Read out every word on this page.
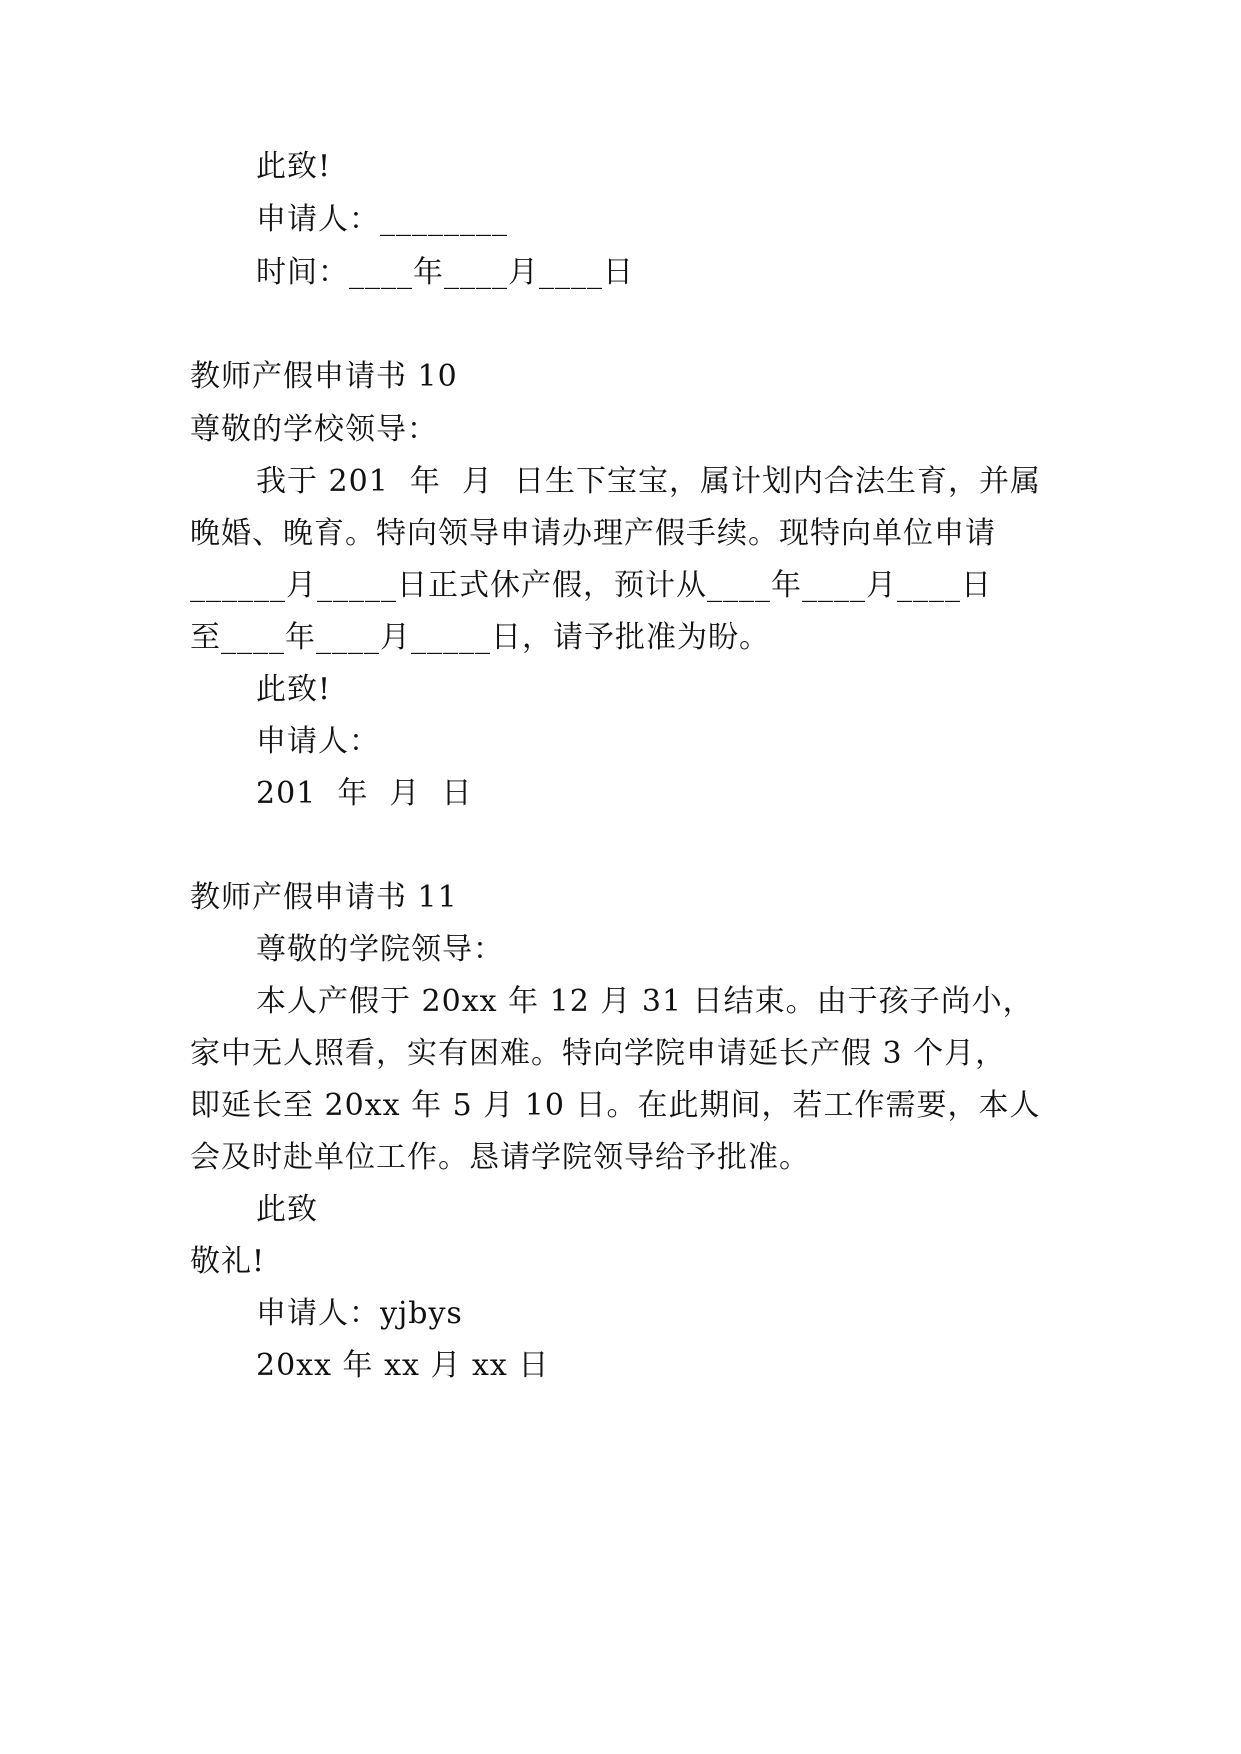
此致!
申请人：________
时间：____年____月____日
教师产假申请书 10
尊敬的学校领导：
我于 201  年  月  日生下宝宝，属计划内合法生育，并属
晚婚、晚育。特向领导申请办理产假手续。现特向单位申请
______月_____日正式休产假，预计从____年____月____日
至____年____月_____日，请予批准为盼。
此致!
申请人：
201  年  月  日
教师产假申请书 11
尊敬的学院领导：
本人产假于 20xx 年 12 月 31 日结束。由于孩子尚小，
家中无人照看，实有困难。特向学院申请延长产假 3 个月，
即延长至 20xx 年 5 月 10 日。在此期间，若工作需要，本人
会及时赴单位工作。恳请学院领导给予批准。
此致
敬礼!
申请人：yjbys
20xx 年 xx 月 xx 日
